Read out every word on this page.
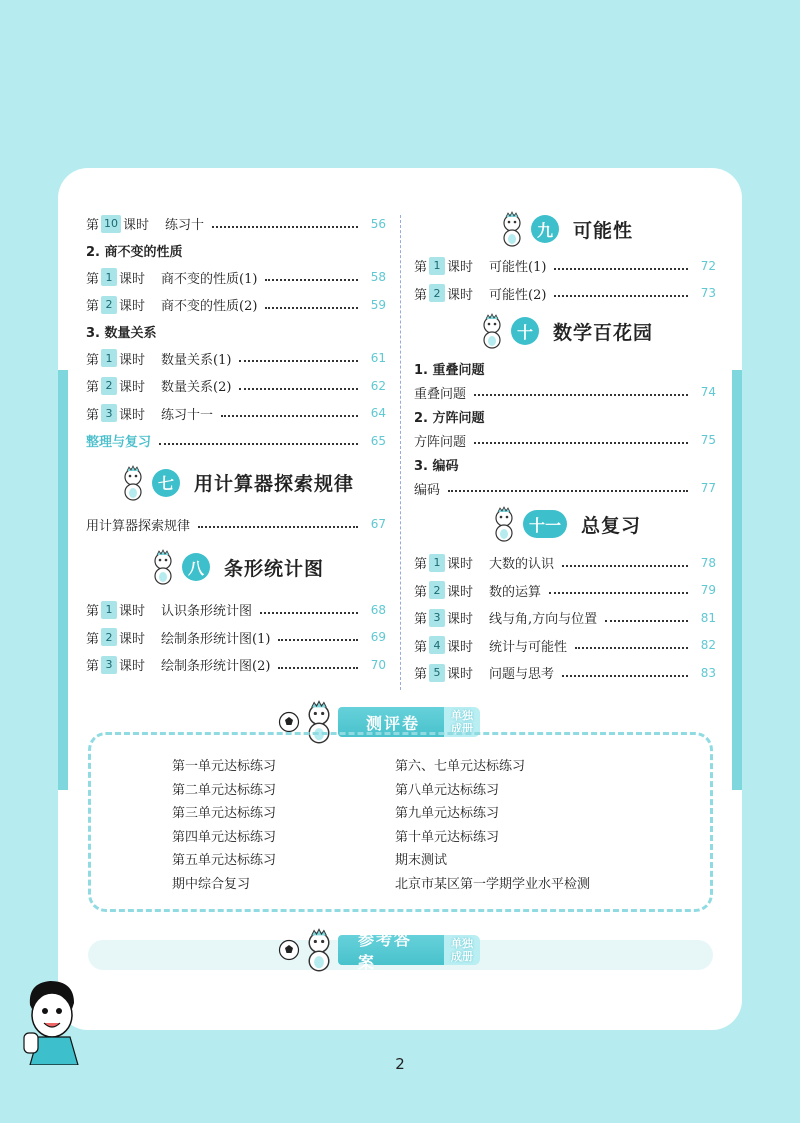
第 10 课时 练习十	56
2. 商不变的性质
第 1 课时 商不变的性质(1)	58
第 2 课时 商不变的性质(2)	59
3. 数量关系
第 1 课时 数量关系(1)	61
第 2 课时 数量关系(2)	62
第 3 课时 练习十一	64
整理与复习	65
七	用计算器探索规律
用计算器探索规律	67
八	条形统计图
第 1 课时 认识条形统计图	68
第 2 课时 绘制条形统计图(1)	69
第 3 课时 绘制条形统计图(2)	70
九	可能性
第 1 课时 可能性(1)	72
第 2 课时 可能性(2)	73
十	数学百花园
1. 重叠问题
重叠问题	74
2. 方阵问题
方阵问题	75
3. 编码
编码	77
十一	总复习
第 1 课时 大数的认识	78
第 2 课时 数的运算	79
第 3 课时 线与角,方向与位置	81
第 4 课时 统计与可能性	82
第 5 课时 问题与思考	83
测评卷	单独
成册
第一单元达标练习
第二单元达标练习
第三单元达标练习
第四单元达标练习
第五单元达标练习
期中综合复习
第六、七单元达标练习
第八单元达标练习
第九单元达标练习
第十单元达标练习
期末测试
北京市某区第一学期学业水平检测
参考答案
单独
成册
2
